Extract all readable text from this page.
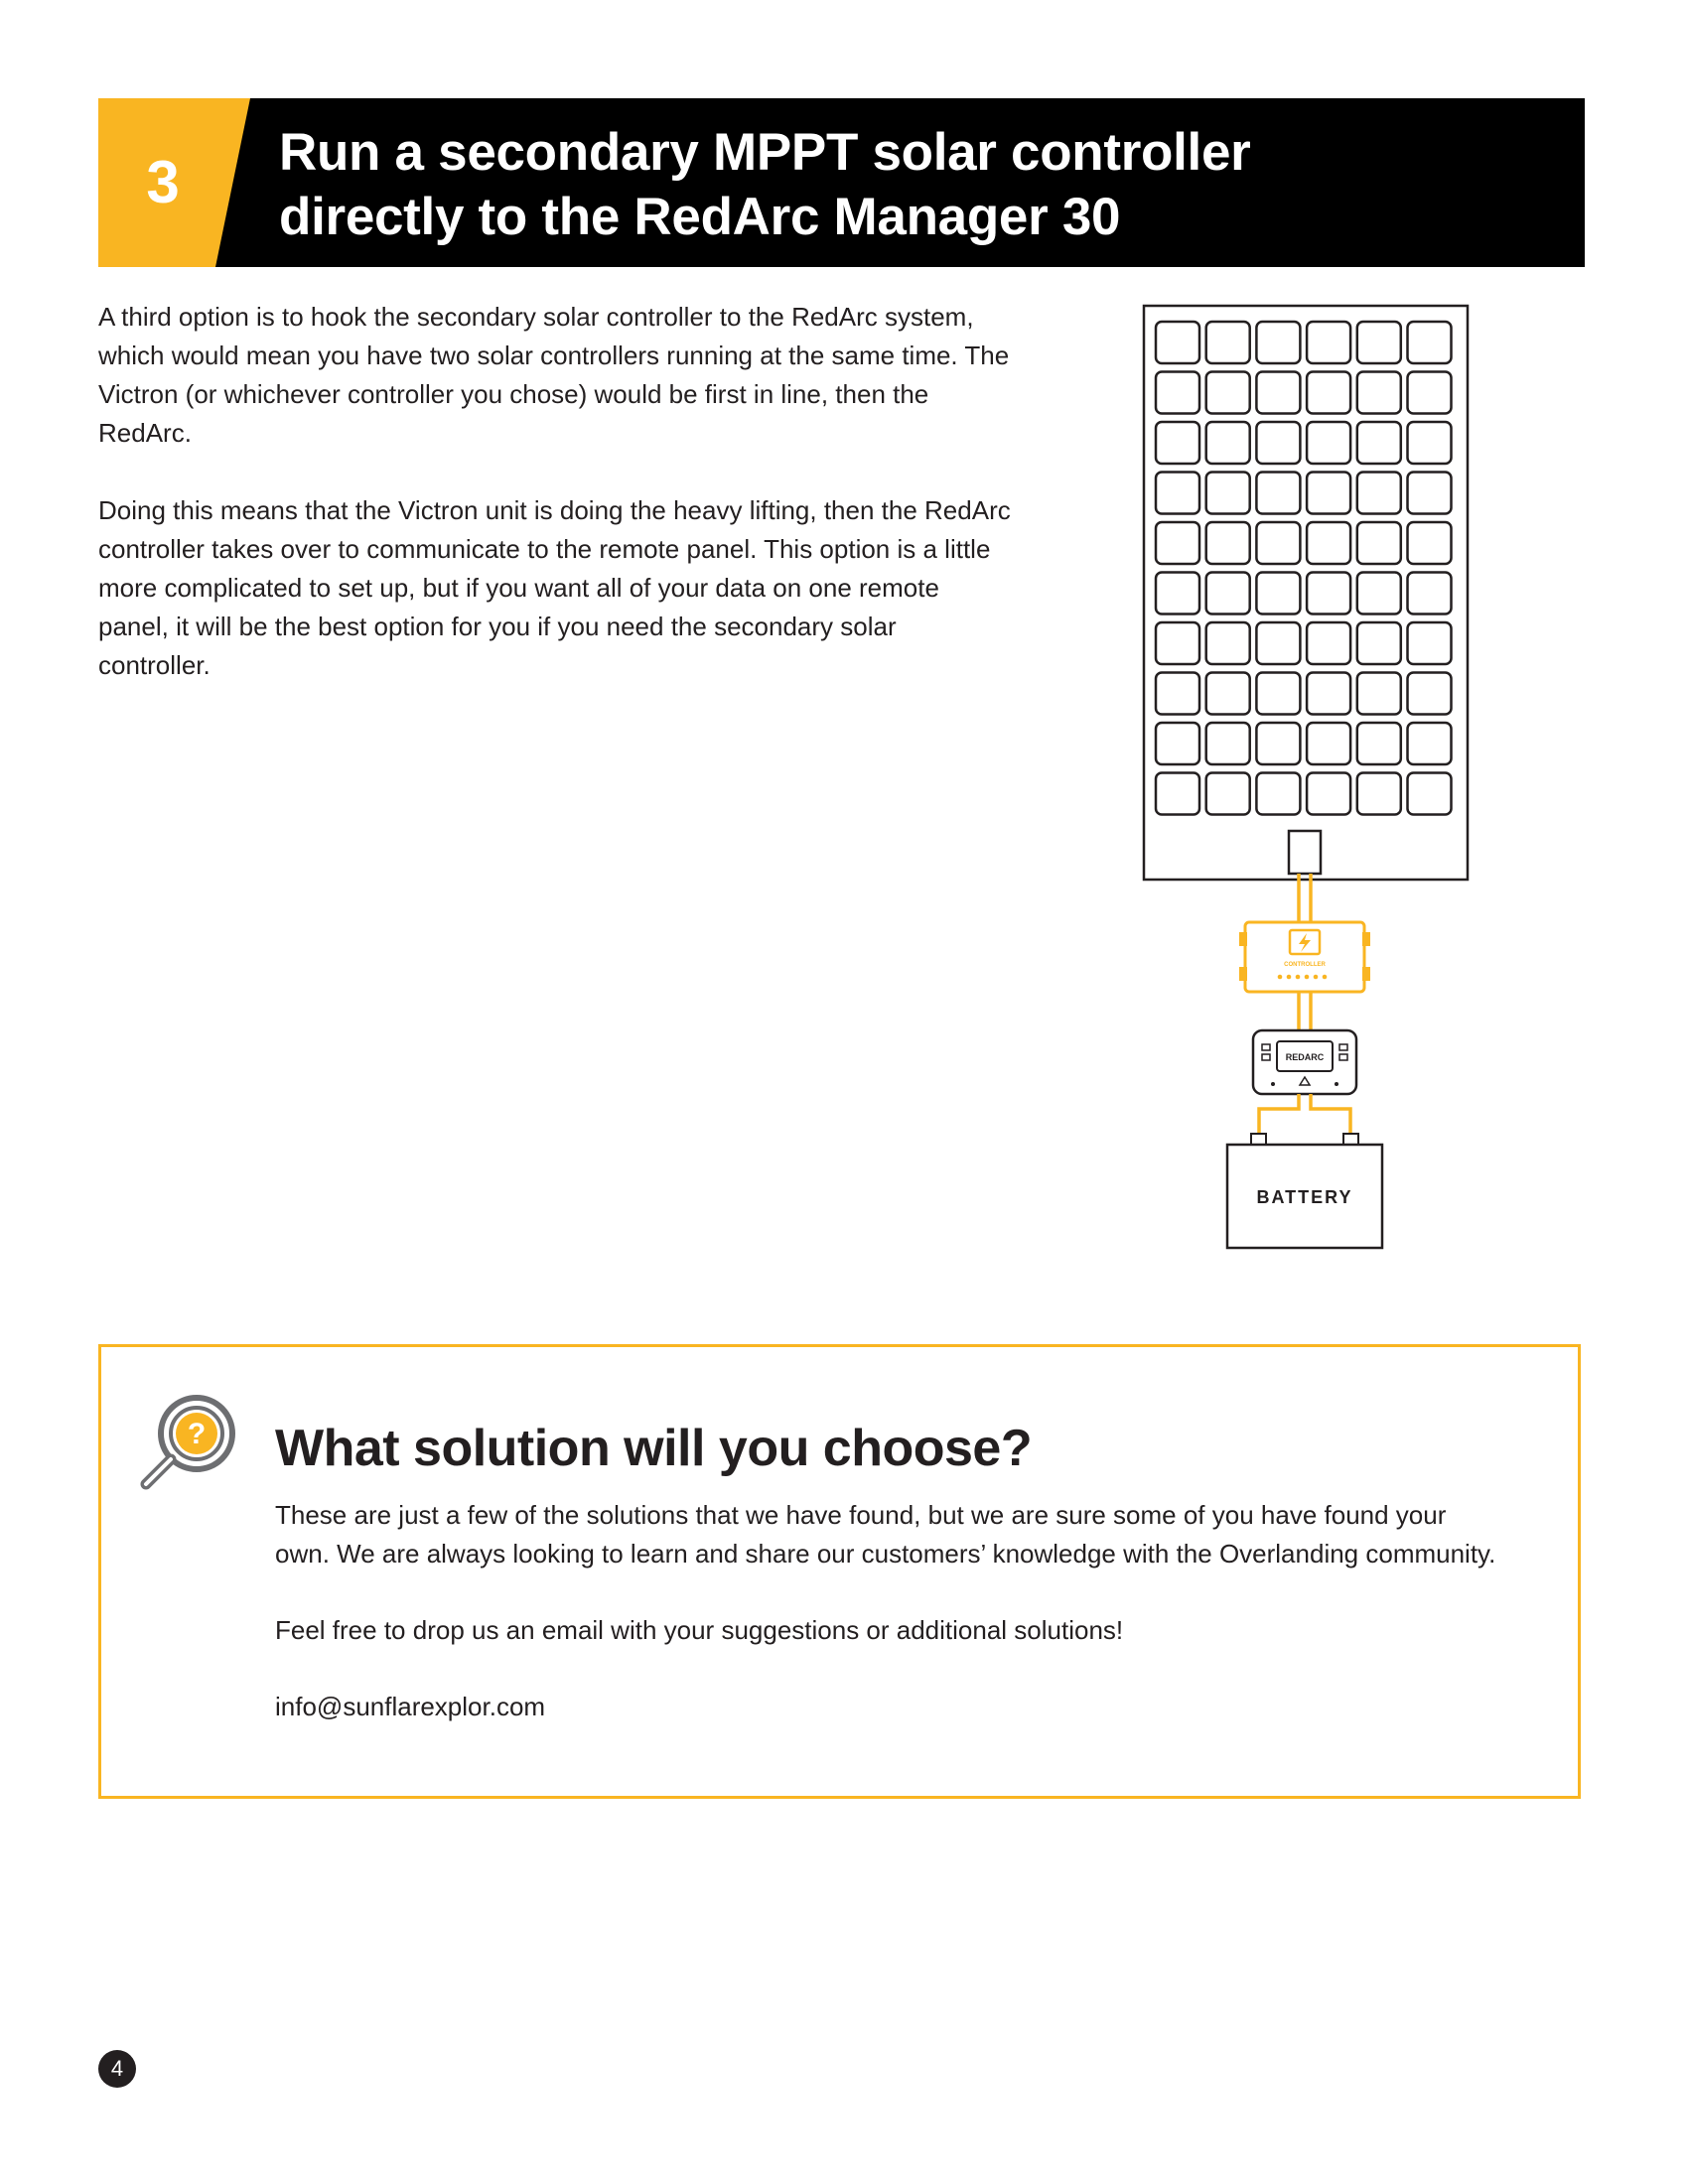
3	Run a secondary MPPT solar controller
directly to the RedArc Manager 30

A third option is to hook the secondary solar controller to the RedArc system, which would mean you have two solar controllers running at the same time. The Victron (or whichever controller you chose) would be first in line, then the RedArc.

Doing this means that the Victron unit is doing the heavy lifting, then the RedArc controller takes over to communicate to the remote panel. This option is a little more complicated to set up, but if you want all of your data on one remote panel, it will be the best option for you if you need the secondary solar controller.

CONTROLLER
REDARC
BATTERY
? What solution will you choose?

These are just a few of the solutions that we have found, but we are sure some of you have found your own. We are always looking to learn and share our customers’ knowledge with the Overlanding community.

Feel free to drop us an email with your suggestions or additional solutions!

info@sunflarexplor.com

4
